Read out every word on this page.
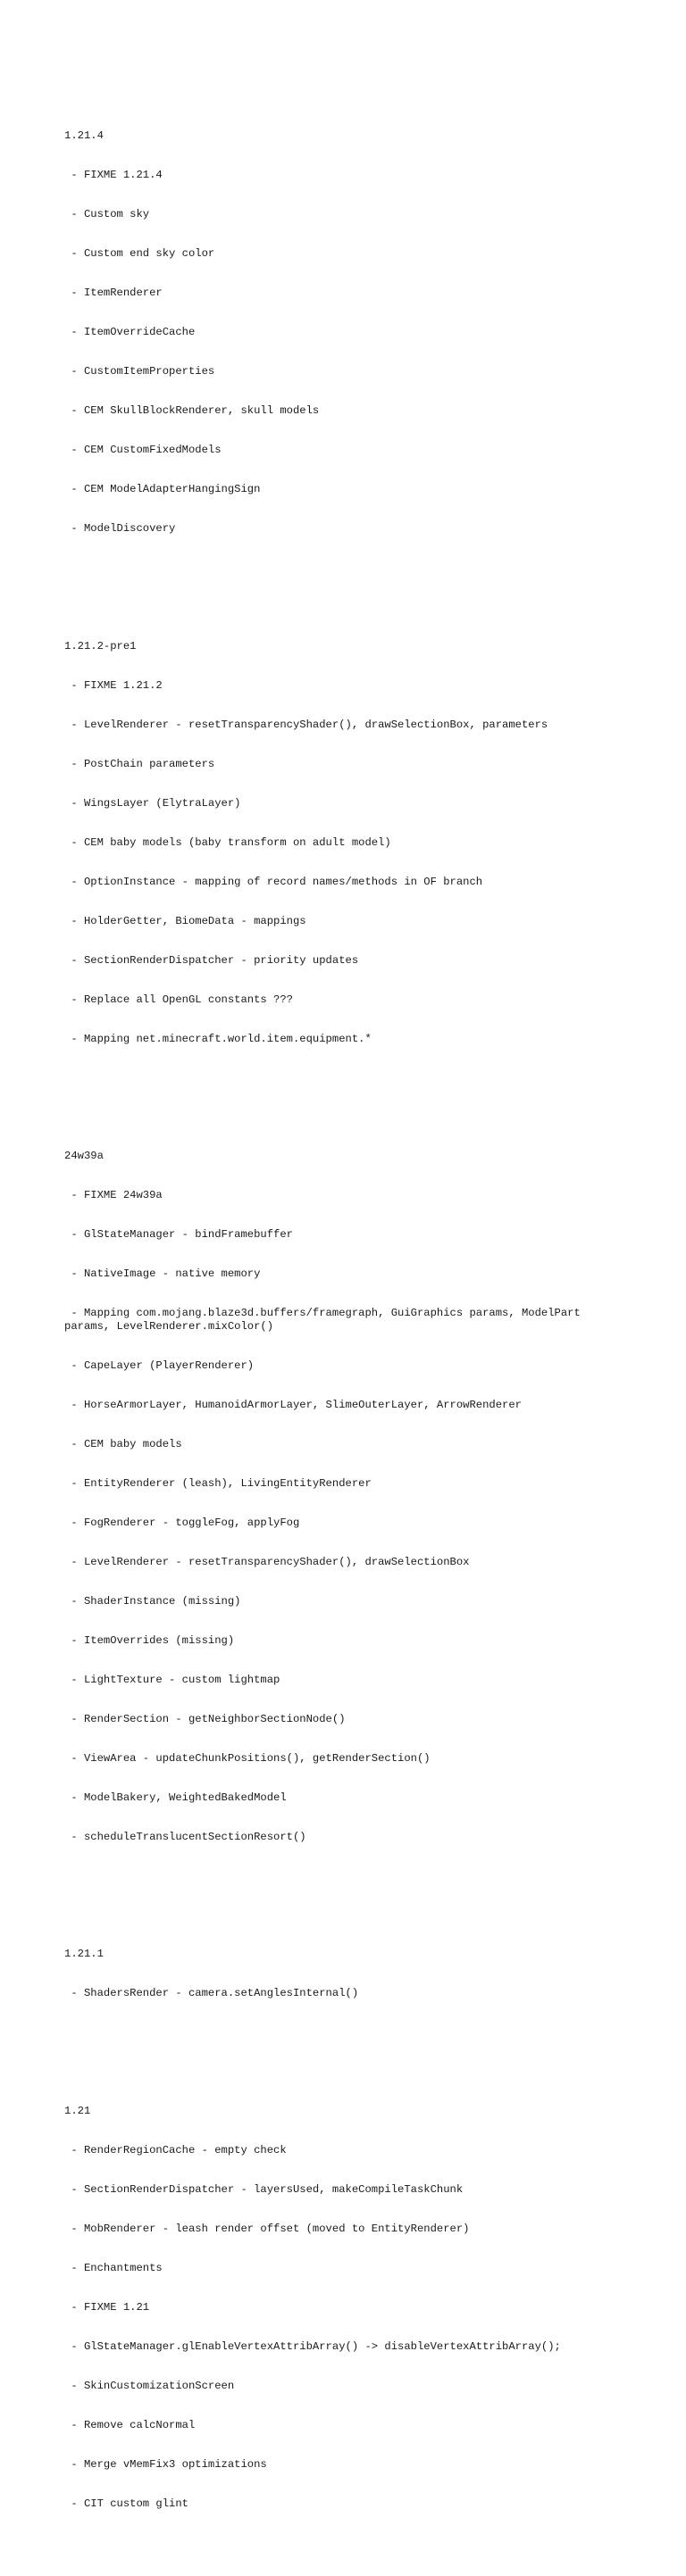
1.21.4

- FIXME 1.21.4

- Custom sky

- Custom end sky color

- ItemRenderer

- ItemOverrideCache

- CustomItemProperties

- CEM SkullBlockRenderer, skull models

- CEM CustomFixedModels

- CEM ModelAdapterHangingSign

- ModelDiscovery

1.21.2-pre1

- FIXME 1.21.2

- LevelRenderer - resetTransparencyShader(), drawSelectionBox, parameters

- PostChain parameters

- WingsLayer (ElytraLayer)

- CEM baby models (baby transform on adult model)

- OptionInstance - mapping of record names/methods in OF branch

- HolderGetter, BiomeData - mappings

- SectionRenderDispatcher - priority updates

- Replace all OpenGL constants ???

- Mapping net.minecraft.world.item.equipment.*

24w39a

- FIXME 24w39a

- GlStateManager - bindFramebuffer

- NativeImage - native memory

- Mapping com.mojang.blaze3d.buffers/framegraph, GuiGraphics params, ModelPart
params, LevelRenderer.mixColor()

- CapeLayer (PlayerRenderer)

- HorseArmorLayer, HumanoidArmorLayer, SlimeOuterLayer, ArrowRenderer

- CEM baby models

- EntityRenderer (leash), LivingEntityRenderer

- FogRenderer - toggleFog, applyFog

- LevelRenderer - resetTransparencyShader(), drawSelectionBox

- ShaderInstance (missing)

- ItemOverrides (missing)

- LightTexture - custom lightmap

- RenderSection - getNeighborSectionNode()

- ViewArea - updateChunkPositions(), getRenderSection()

- ModelBakery, WeightedBakedModel

- scheduleTranslucentSectionResort()

1.21.1

- ShadersRender - camera.setAnglesInternal()

1.21

- RenderRegionCache - empty check

- SectionRenderDispatcher - layersUsed, makeCompileTaskChunk

- MobRenderer - leash render offset (moved to EntityRenderer)

- Enchantments

- FIXME 1.21

- GlStateManager.glEnableVertexAttribArray() -> disableVertexAttribArray();

- SkinCustomizationScreen

- Remove calcNormal

- Merge vMemFix3 optimizations

- CIT custom glint
